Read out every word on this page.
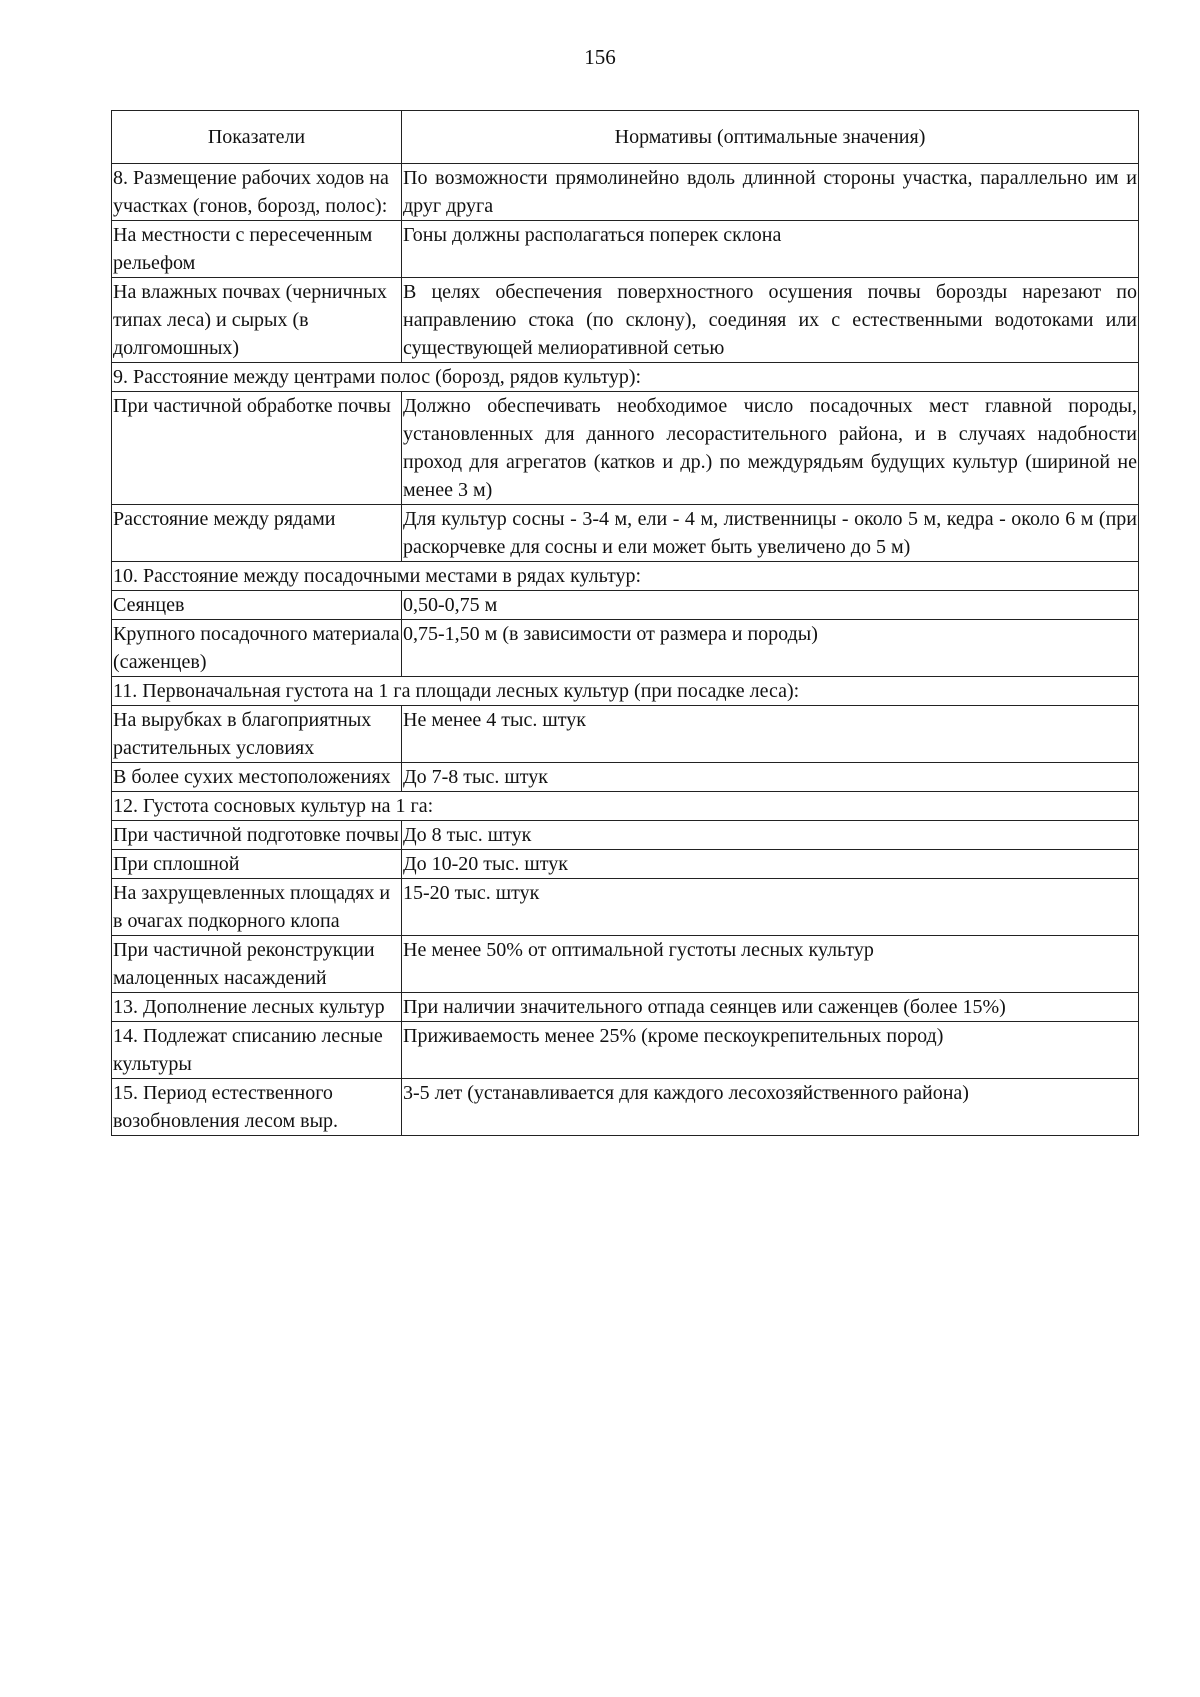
156
Показатели	Нормативы (оптимальные значения)
8. Размещение рабочих ходов на участках (гонов, борозд, полос):	По возможности прямолинейно вдоль длинной стороны участка, параллельно им и друг друга
На местности с пересеченным рельефом	Гоны должны располагаться поперек склона
На влажных почвах (черничных типах леса) и сырых (в долгомошных)	В целях обеспечения поверхностного осушения почвы борозды нарезают по направлению стока (по склону), соединяя их с естественными водотоками или существующей мелиоративной сетью
9. Расстояние между центрами полос (борозд, рядов культур):	
При частичной обработке почвы	Должно обеспечивать необходимое число посадочных мест главной породы, установленных для данного лесорастительного района, и в случаях надобности проход для агрегатов (катков и др.) по междурядьям будущих культур (шириной не менее 3 м)
Расстояние между рядами	Для культур сосны - 3-4 м, ели - 4 м, лиственницы - около 5 м, кедра - около 6 м (при раскорчевке для сосны и ели может быть увеличено до 5 м)
10. Расстояние между посадочными местами в рядах культур:	
Сеянцев	0,50-0,75 м
Крупного посадочного материала (саженцев)	0,75-1,50 м (в зависимости от размера и породы)
11. Первоначальная густота на 1 га площади лесных культур (при посадке леса):	
На вырубках в благоприятных растительных условиях	Не менее 4 тыс. штук
В более сухих местоположениях	До 7-8 тыс. штук
12. Густота сосновых культур на 1 га:	
При частичной подготовке почвы	До 8 тыс. штук
При сплошной	До 10-20 тыс. штук
На захрущевленных площадях и в очагах подкорного клопа	15-20 тыс. штук
При частичной реконструкции малоценных насаждений	Не менее 50% от оптимальной густоты лесных культур
13. Дополнение лесных культур	При наличии значительного отпада сеянцев или саженцев (более 15%)
14. Подлежат списанию лесные культуры	Приживаемость менее 25% (кроме пескоукрепительных пород)
15. Период естественного возобновления лесом выр.	3-5 лет (устанавливается для каждого лесохозяйственного района)
